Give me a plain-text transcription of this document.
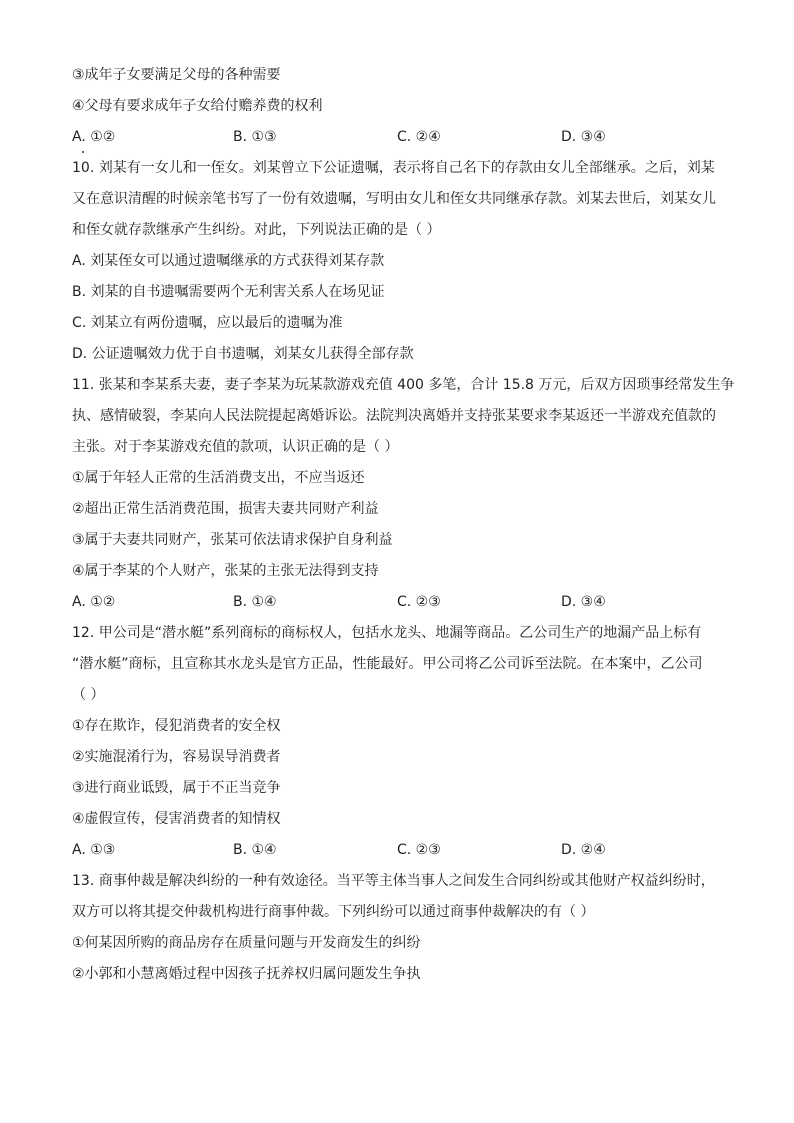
③成年子女要满足父母的各种需要
④父母有要求成年子女给付赡养费的权利
A. ①②	B. ①③	C. ②④	D. ③④
10. 刘某有一女儿和一侄女。刘某曾立下公证遗嘱，表示将自己名下的存款由女儿全部继承。之后，刘某
又在意识清醒的时候亲笔书写了一份有效遗嘱，写明由女儿和侄女共同继承存款。刘某去世后，刘某女儿
和侄女就存款继承产生纠纷。对此，下列说法正确的是（ ）
A. 刘某侄女可以通过遗嘱继承的方式获得刘某存款
B. 刘某的自书遗嘱需要两个无利害关系人在场见证
C. 刘某立有两份遗嘱，应以最后的遗嘱为准
D. 公证遗嘱效力优于自书遗嘱，刘某女儿获得全部存款
11. 张某和李某系夫妻，妻子李某为玩某款游戏充值 400 多笔，合计 15.8 万元，后双方因琐事经常发生争
执、感情破裂，李某向人民法院提起离婚诉讼。法院判决离婚并支持张某要求李某返还一半游戏充值款的
主张。对于李某游戏充值的款项，认识正确的是（ ）
①属于年轻人正常的生活消费支出，不应当返还
②超出正常生活消费范围，损害夫妻共同财产利益
③属于夫妻共同财产，张某可依法请求保护自身利益
④属于李某的个人财产，张某的主张无法得到支持
A. ①②	B. ①④	C. ②③	D. ③④
12. 甲公司是“潜水艇”系列商标的商标权人，包括水龙头、地漏等商品。乙公司生产的地漏产品上标有
“潜水艇”商标，且宣称其水龙头是官方正品，性能最好。甲公司将乙公司诉至法院。在本案中，乙公司
（ ）
①存在欺诈，侵犯消费者的安全权
②实施混淆行为，容易误导消费者
③进行商业诋毁，属于不正当竞争
④虚假宣传，侵害消费者的知情权
A. ①③	B. ①④	C. ②③	D. ②④
13. 商事仲裁是解决纠纷的一种有效途径。当平等主体当事人之间发生合同纠纷或其他财产权益纠纷时，
双方可以将其提交仲裁机构进行商事仲裁。下列纠纷可以通过商事仲裁解决的有（ ）
①何某因所购的商品房存在质量问题与开发商发生的纠纷
②小郭和小慧离婚过程中因孩子抚养权归属问题发生争执
